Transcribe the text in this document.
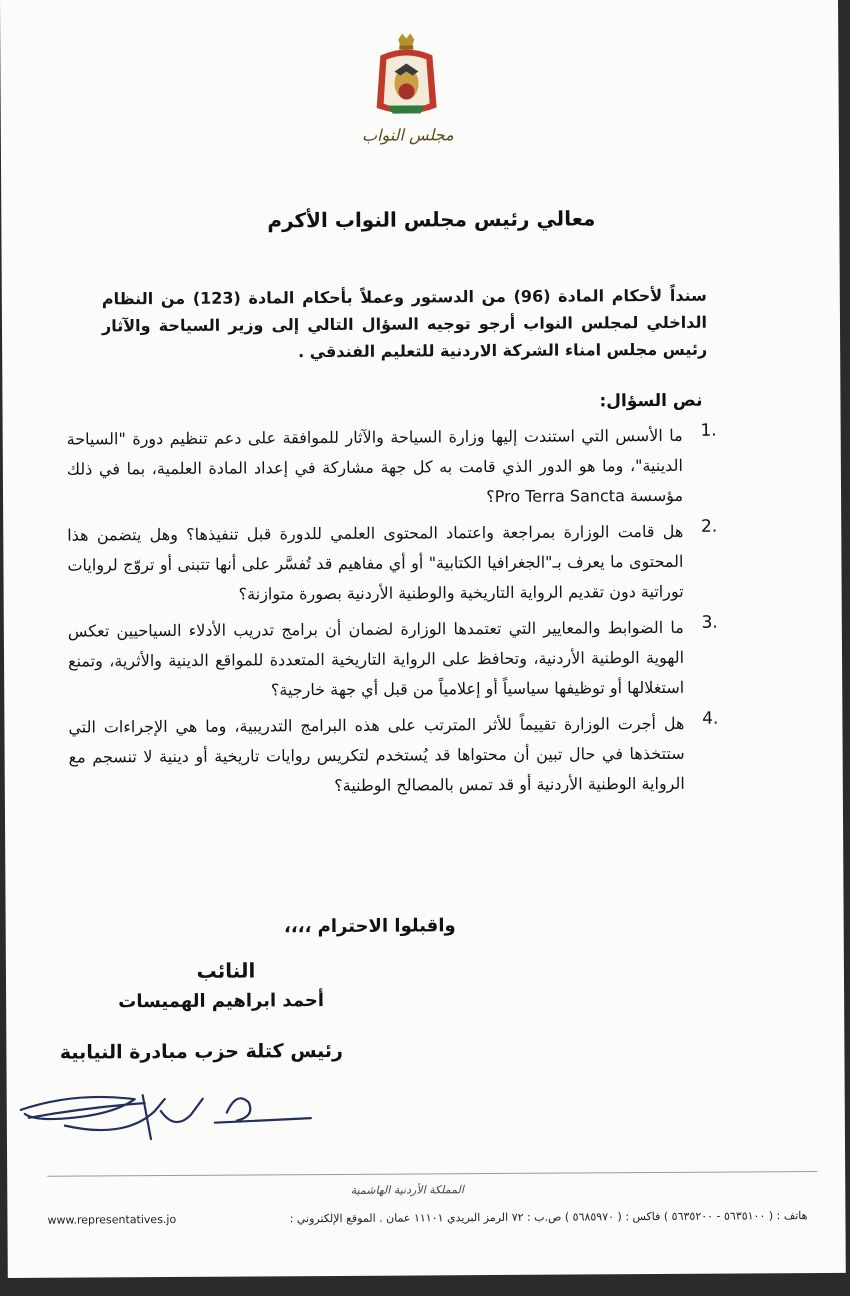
مجلس النواب
معالي رئيس مجلس النواب الأكرم
سنداً لأحكام المادة (96) من الدستور وعملاً بأحكام المادة (123) من النظام الداخلي لمجلس النواب أرجو توجيه السؤال التالي إلى وزير السياحة والآثار رئيس مجلس امناء الشركة الاردنية للتعليم الفندقي .
نص السؤال:
1.
ما الأسس التي استندت إليها وزارة السياحة والآثار للموافقة على دعم تنظيم دورة "السياحة الدينية"، وما هو الدور الذي قامت به كل جهة مشاركة في إعداد المادة العلمية، بما في ذلك مؤسسة Pro Terra Sancta؟
2.
هل قامت الوزارة بمراجعة واعتماد المحتوى العلمي للدورة قبل تنفيذها؟ وهل يتضمن هذا المحتوى ما يعرف بـ"الجغرافيا الكتابية" أو أي مفاهيم قد تُفسَّر على أنها تتبنى أو تروّج لروايات توراتية دون تقديم الرواية التاريخية والوطنية الأردنية بصورة متوازنة؟
3.
ما الضوابط والمعايير التي تعتمدها الوزارة لضمان أن برامج تدريب الأدلاء السياحيين تعكس الهوية الوطنية الأردنية، وتحافظ على الرواية التاريخية المتعددة للمواقع الدينية والأثرية، وتمنع استغلالها أو توظيفها سياسياً أو إعلامياً من قبل أي جهة خارجية؟
4.
هل أجرت الوزارة تقييماً للأثر المترتب على هذه البرامج التدريبية، وما هي الإجراءات التي ستتخذها في حال تبين أن محتواها قد يُستخدم لتكريس روايات تاريخية أو دينية لا تنسجم مع الرواية الوطنية الأردنية أو قد تمس بالمصالح الوطنية؟
واقبلوا الاحترام ،،،،
النائب
أحمد ابراهيم الهميسات
رئيس كتلة حزب مبادرة النيابية
المملكة الأردنية الهاشمية
هاتف : ( ٥٦٣٥١٠٠ - ٥٦٣٥٢٠٠ ) فاكس : ( ٥٦٨٥٩٧٠ ) ص.ب : ٧٢ الرمز البريدي ١١١٠١ عمان . الموقع الإلكتروني :
www.representatives.jo
